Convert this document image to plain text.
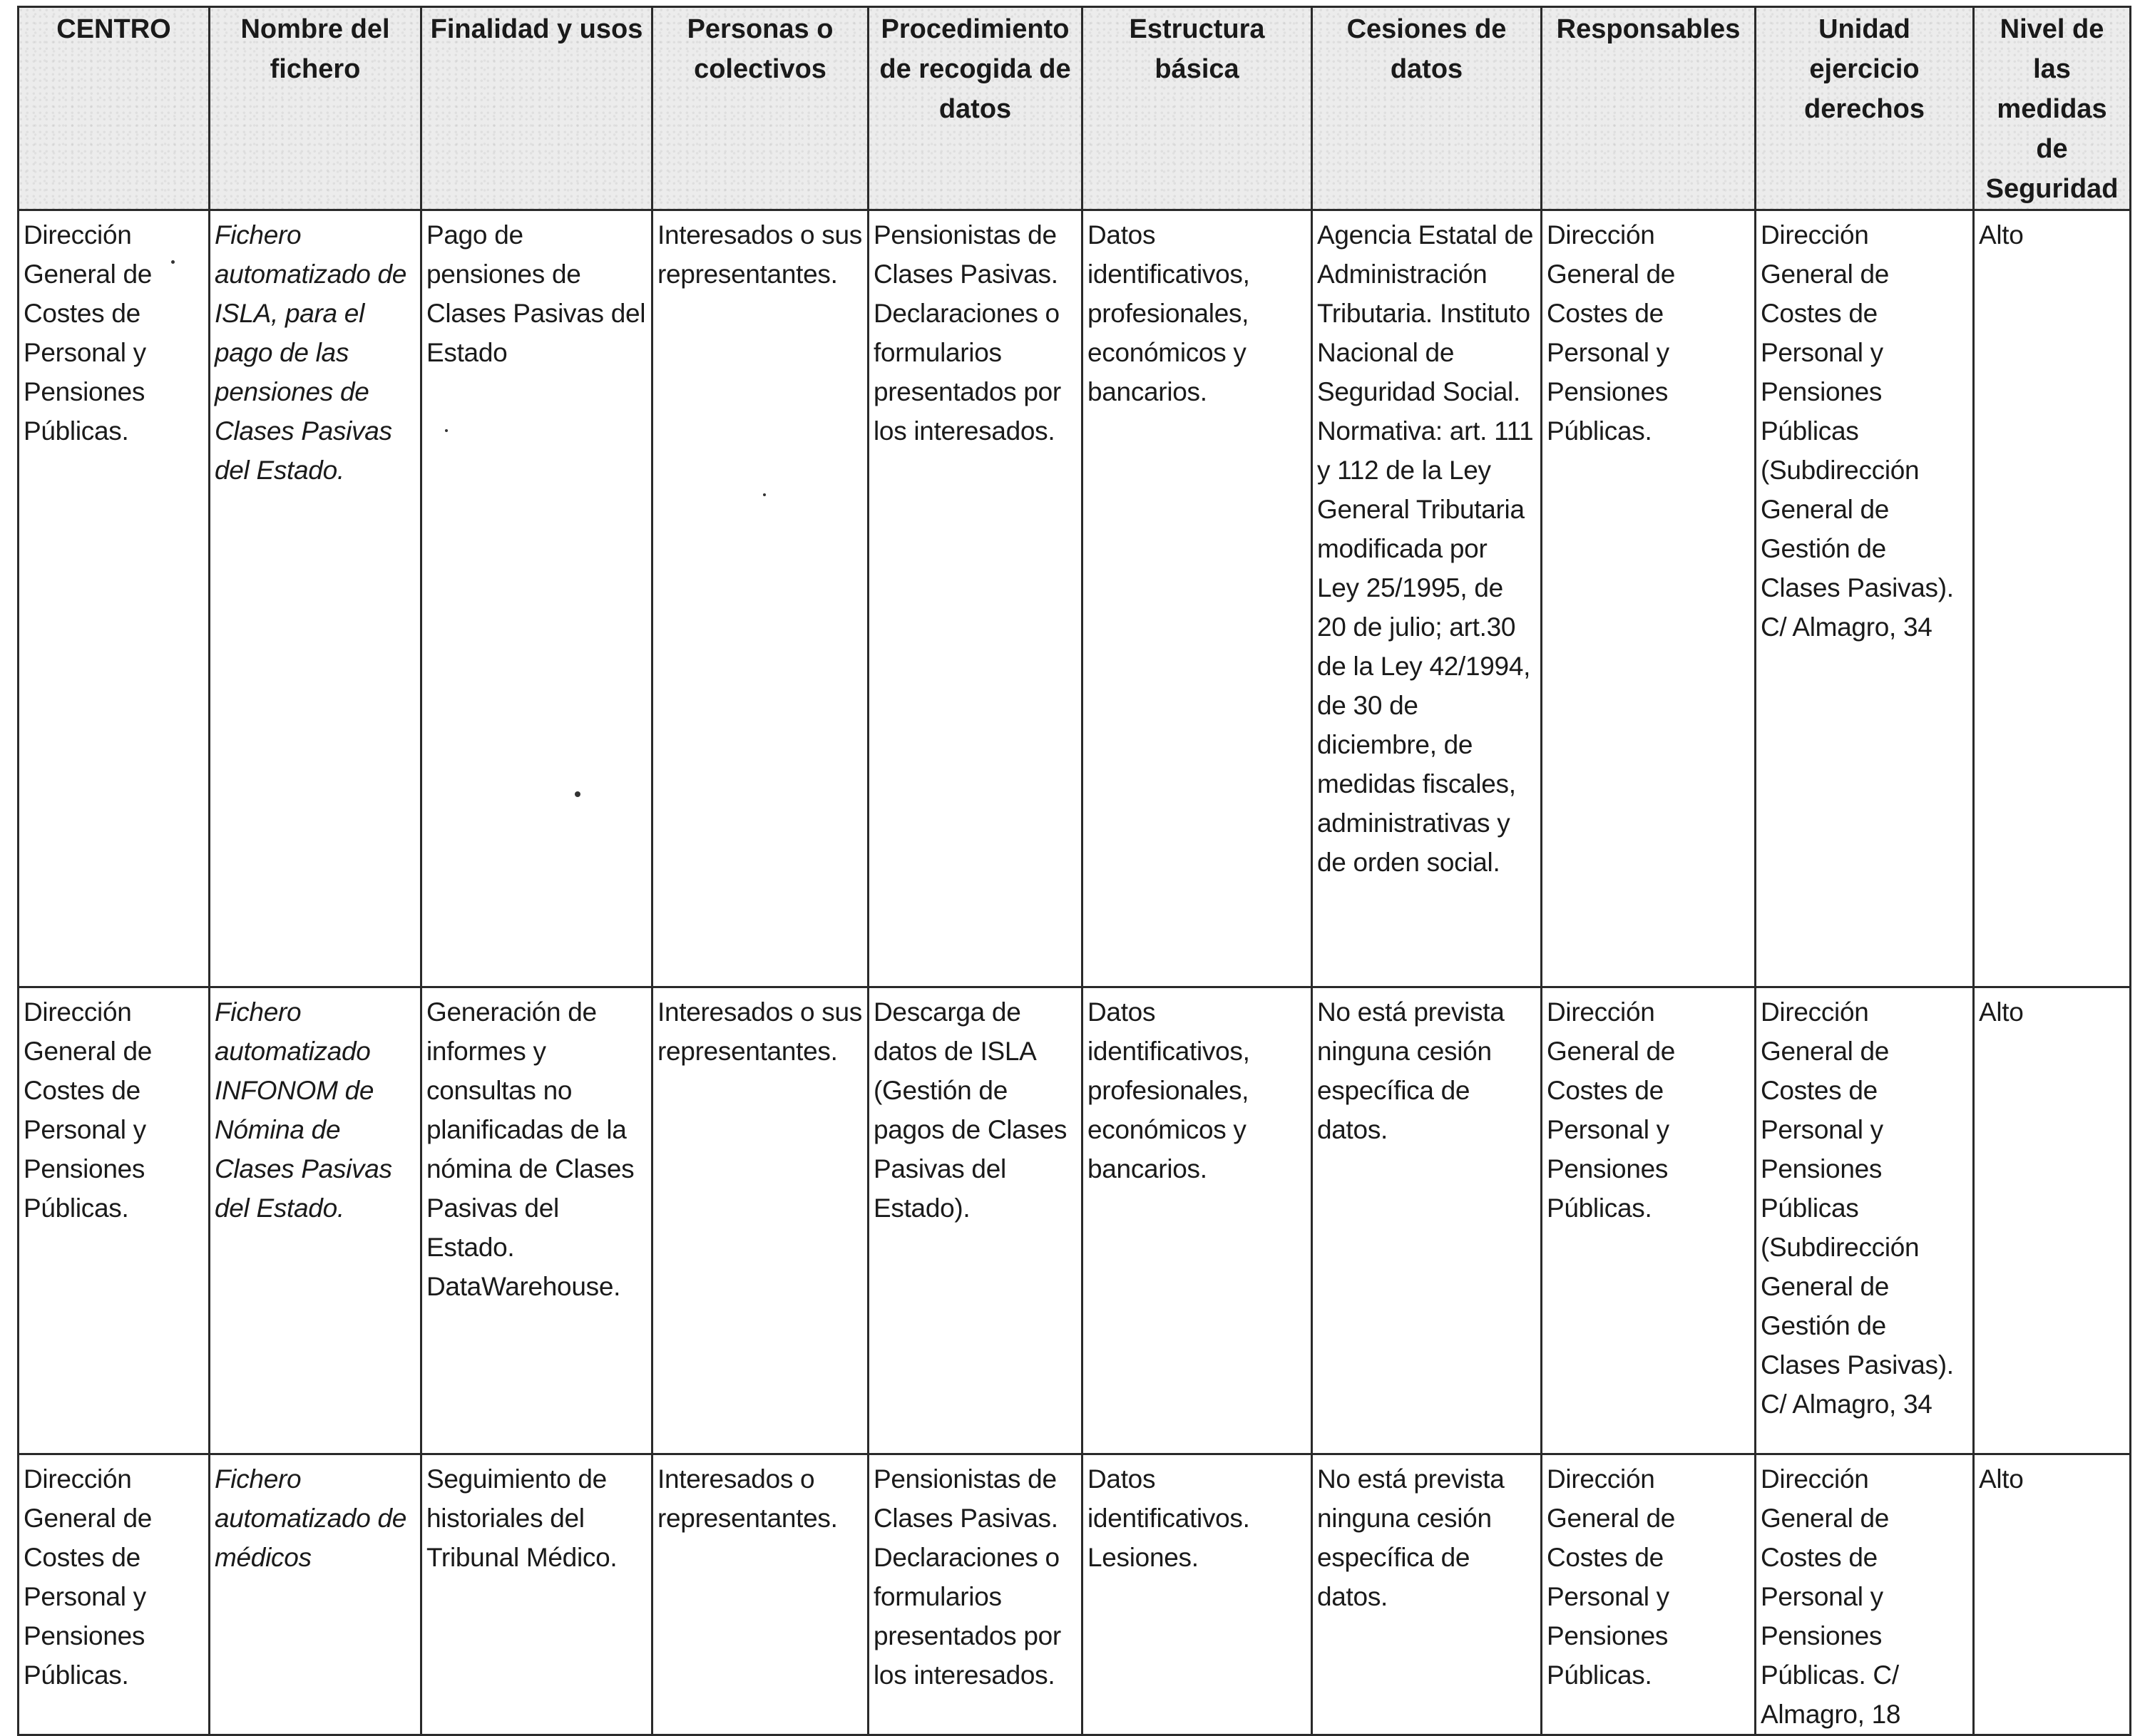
CENTRO	Nombre del fichero	Finalidad y usos	Personas o colectivos	Procedimiento de recogida de datos	Estructura básica	Cesiones de datos	Responsables	Unidad ejercicio derechos	Nivel de las medidas de Seguridad
Dirección General de Costes de Personal y Pensiones Públicas.	Fichero automatizado de ISLA, para el pago de las pensiones de Clases Pasivas del Estado.	Pago de pensiones de Clases Pasivas del Estado	Interesados o sus representantes.	Pensionistas de Clases Pasivas. Declaraciones o formularios presentados por los interesados.	Datos identificativos, profesionales, económicos y bancarios.	Agencia Estatal de Administración Tributaria. Instituto Nacional de Seguridad Social. Normativa: art. 111 y 112 de la Ley General Tributaria modificada por Ley 25/1995, de 20 de julio; art.30 de la Ley 42/1994, de 30 de diciembre, de medidas fiscales, administrativas y de orden social.	Dirección General de Costes de Personal y Pensiones Públicas.	Dirección General de Costes de Personal y Pensiones Públicas (Subdirección General de Gestión de Clases Pasivas). C/ Almagro, 34	Alto
Dirección General de Costes de Personal y Pensiones Públicas.	Fichero automatizado INFONOM de Nómina de Clases Pasivas del Estado.	Generación de informes y consultas no planificadas de la nómina de Clases Pasivas del Estado. DataWarehouse.	Interesados o sus representantes.	Descarga de datos de ISLA (Gestión de pagos de Clases Pasivas del Estado).	Datos identificativos, profesionales, económicos y bancarios.	No está prevista ninguna cesión específica de datos.	Dirección General de Costes de Personal y Pensiones Públicas.	Dirección General de Costes de Personal y Pensiones Públicas (Subdirección General de Gestión de Clases Pasivas). C/ Almagro, 34	Alto
Dirección General de Costes de Personal y Pensiones Públicas.	Fichero automatizado de médicos	Seguimiento de historiales del Tribunal Médico.	Interesados o representantes.	Pensionistas de Clases Pasivas. Declaraciones o formularios presentados por los interesados.	Datos identificativos. Lesiones.	No está prevista ninguna cesión específica de datos.	Dirección General de Costes de Personal y Pensiones Públicas.	Dirección General de Costes de Personal y Pensiones Públicas. C/ Almagro, 18	Alto
